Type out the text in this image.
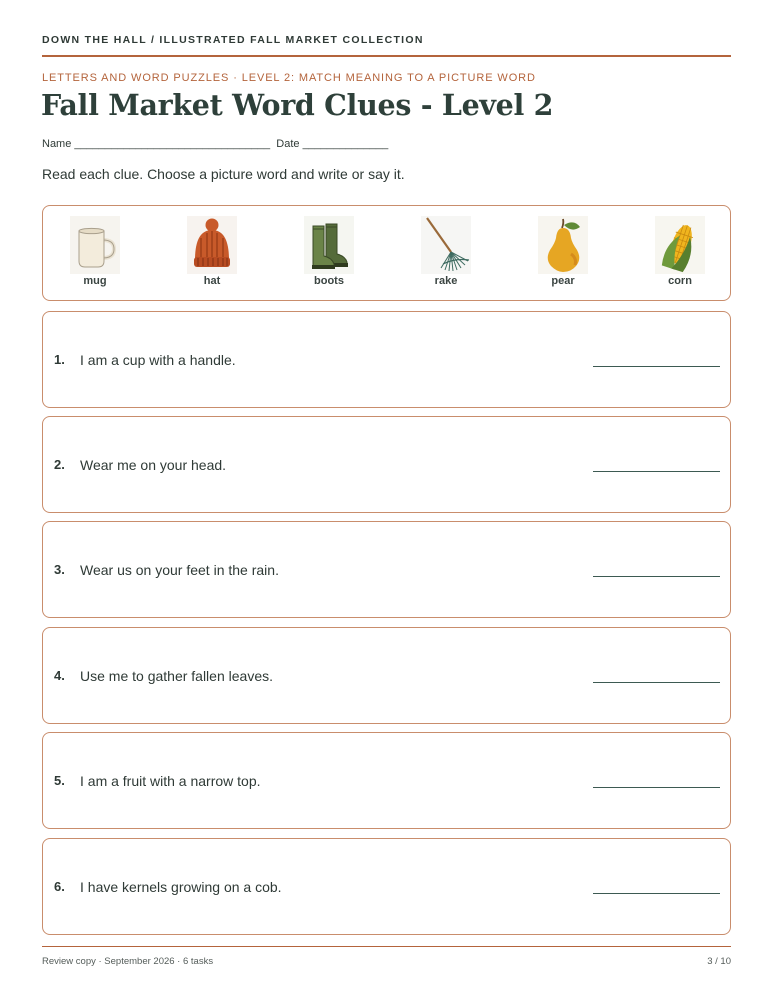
DOWN THE HALL / ILLUSTRATED FALL MARKET COLLECTION
LETTERS AND WORD PUZZLES · LEVEL 2: MATCH MEANING TO A PICTURE WORD
Fall Market Word Clues - Level 2
Name ________________________________  Date ______________

Read each clue. Choose a picture word and write or say it.

mug	hat	boots	rake	pear	corn
1. I am a cup with a handle.
2. Wear me on your head.
3. Wear us on your feet in the rain.
4. Use me to gather fallen leaves.
5. I am a fruit with a narrow top.
6. I have kernels growing on a cob.
Review copy · September 2026 · 6 tasks	3 / 10
